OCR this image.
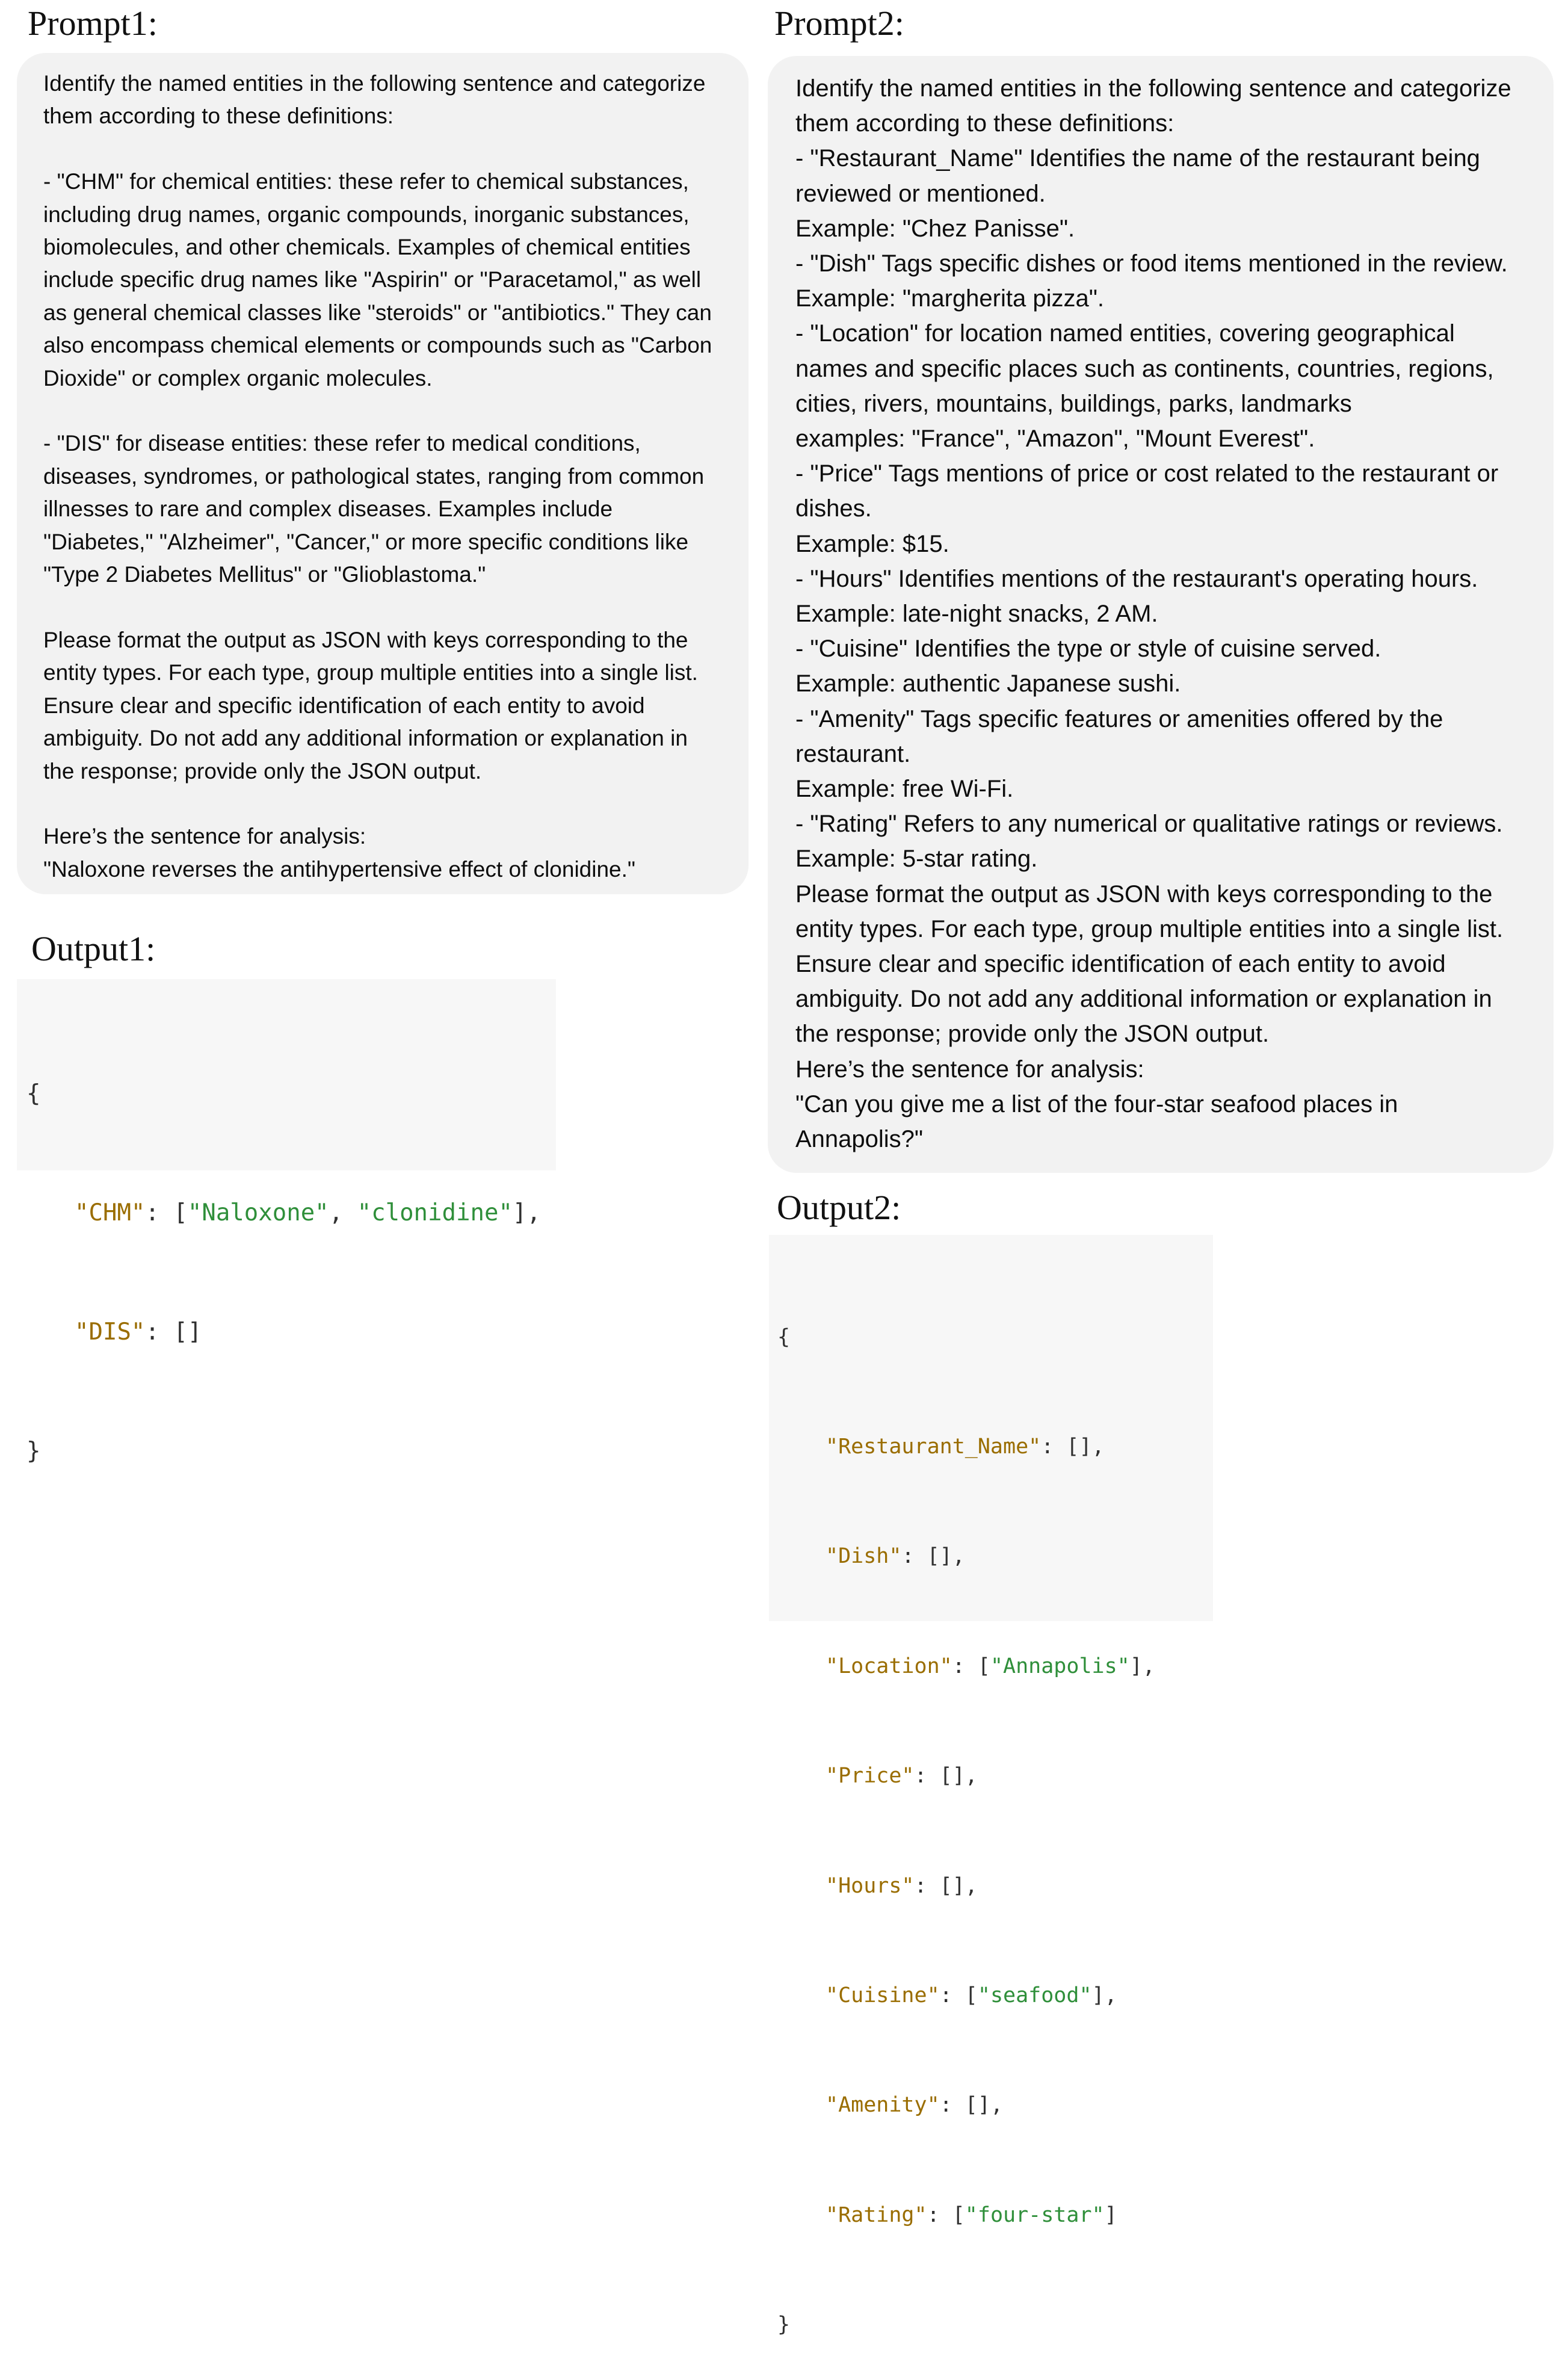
Prompt1:
Identify the named entities in the following sentence and categorize
them according to these definitions:

- "CHM" for chemical entities: these refer to chemical substances,
including drug names, organic compounds, inorganic substances,
biomolecules, and other chemicals. Examples of chemical entities
include specific drug names like "Aspirin" or "Paracetamol," as well
as general chemical classes like "steroids" or "antibiotics." They can
also encompass chemical elements or compounds such as "Carbon
Dioxide" or complex organic molecules.

- "DIS" for disease entities: these refer to medical conditions,
diseases, syndromes, or pathological states, ranging from common
illnesses to rare and complex diseases. Examples include
"Diabetes," "Alzheimer", "Cancer," or more specific conditions like
"Type 2 Diabetes Mellitus" or "Glioblastoma."

Please format the output as JSON with keys corresponding to the
entity types. For each type, group multiple entities into a single list.
Ensure clear and specific identification of each entity to avoid
ambiguity. Do not add any additional information or explanation in
the response; provide only the JSON output.

Here’s the sentence for analysis:
"Naloxone reverses the antihypertensive effect of clonidine."
Output1:

{

"CHM": ["Naloxone", "clonidine"],

"DIS": []

}

Prompt2:
Identify the named entities in the following sentence and categorize
them according to these definitions:
- "Restaurant_Name" Identifies the name of the restaurant being
reviewed or mentioned.
Example: "Chez Panisse".
- "Dish" Tags specific dishes or food items mentioned in the review.
Example: "margherita pizza".
- "Location" for location named entities, covering geographical
names and specific places such as continents, countries, regions,
cities, rivers, mountains, buildings, parks, landmarks
examples: "France", "Amazon", "Mount Everest".
- "Price" Tags mentions of price or cost related to the restaurant or
dishes.
Example: $15.
- "Hours" Identifies mentions of the restaurant's operating hours.
Example: late-night snacks, 2 AM.
- "Cuisine" Identifies the type or style of cuisine served.
Example: authentic Japanese sushi.
- "Amenity" Tags specific features or amenities offered by the
restaurant.
Example: free Wi-Fi.
- "Rating" Refers to any numerical or qualitative ratings or reviews.
Example: 5-star rating.
Please format the output as JSON with keys corresponding to the
entity types. For each type, group multiple entities into a single list.
Ensure clear and specific identification of each entity to avoid
ambiguity. Do not add any additional information or explanation in
the response; provide only the JSON output.
Here’s the sentence for analysis:
"Can you give me a list of the four-star seafood places in
Annapolis?"
Output2:

{

"Restaurant_Name": [],

"Dish": [],

"Location": ["Annapolis"],

"Price": [],

"Hours": [],

"Cuisine": ["seafood"],

"Amenity": [],

"Rating": ["four-star"]

}
